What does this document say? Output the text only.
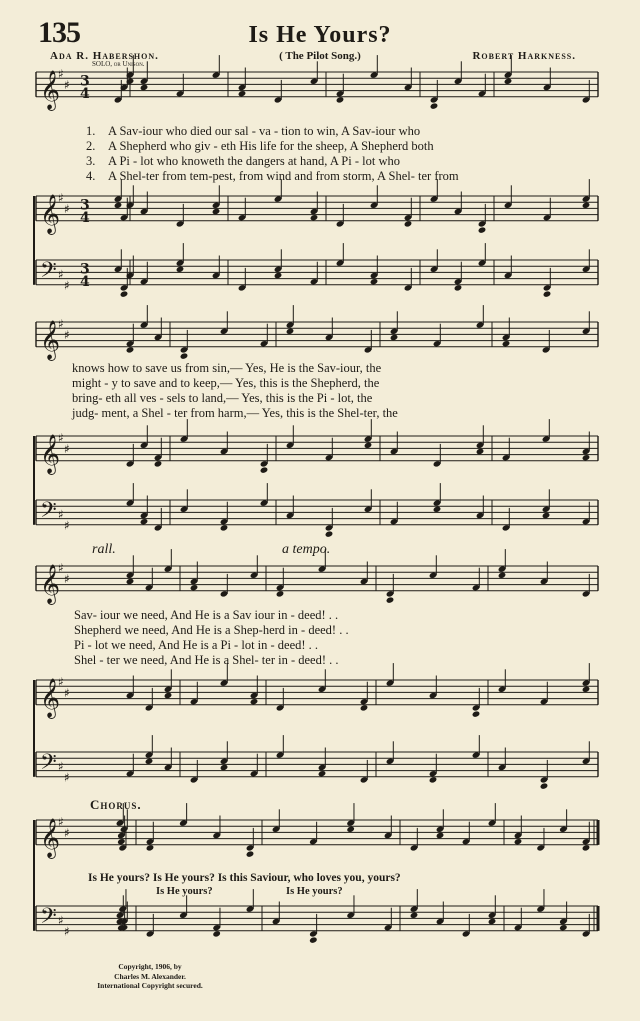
135	Is He Yours?
Ada R. Habershon.	( The Pilot Song.)	Robert Harkness.
SOLO, or Unison.
𝄞
♯
♯ 3
4
𝄞
♯
♯ 3
4
𝄢 ♯
♯
3
4
𝄞
♯
♯
𝄞
♯
♯
𝄢 ♯
♯
𝄞
♯
♯
𝄞
♯
♯
𝄢 ♯
♯
𝄞
♯
♯
𝄢 ♯
♯
1. A Sav-iour who died our sal - va - tion to win, A Sav-iour who
2. A Shepherd who giv - eth His life for the sheep, A Shepherd both
3. A Pi - lot who knoweth the dangers at hand, A Pi - lot who
4. A Shel-ter from tem-pest, from wind and from storm, A Shel- ter from
knows how to save us from sin,— Yes, He is the Sav-iour, the
might - y to save and to keep,— Yes, this is the Shepherd, the
bring- eth all ves - sels to land,— Yes, this is the Pi - lot, the
judg- ment, a Shel - ter from harm,— Yes, this is the Shel-ter, the
rall.	a tempo.
Sav- iour we need, And He is a Sav iour in - deed! . .
Shepherd we need, And He is a Shep-herd in - deed! . .
Pi - lot we need, And He is a Pi - lot in - deed! . .
Shel - ter we need, And He is a Shel- ter in - deed! . .
Chorus.
Is He yours? Is He yours? Is this Saviour, who loves you, yours?
Is He yours?	Is He yours?
Copyright, 1906, by
Charles M. Alexander.
International Copyright secured.
